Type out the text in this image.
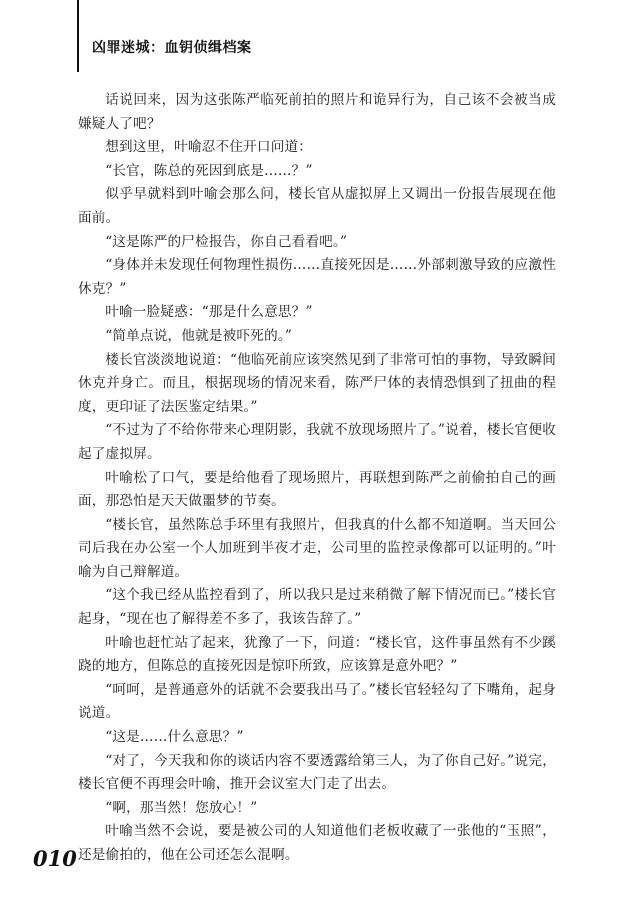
凶罪迷城：血钥侦缉档案

话说回来，因为这张陈严临死前拍的照片和诡异行为，自己该不会被当成嫌疑人了吧？

想到这里，叶喻忍不住开口问道：

“长官，陈总的死因到底是……？”

似乎早就料到叶喻会那么问，楼长官从虚拟屏上又调出一份报告展现在他面前。

“这是陈严的尸检报告，你自己看看吧。”

“身体并未发现任何物理性损伤……直接死因是……外部刺激导致的应激性休克？”

叶喻一脸疑惑：“那是什么意思？”

“简单点说，他就是被吓死的。”

楼长官淡淡地说道：“他临死前应该突然见到了非常可怕的事物，导致瞬间休克并身亡。而且，根据现场的情况来看，陈严尸体的表情恐惧到了扭曲的程度，更印证了法医鉴定结果。”

“不过为了不给你带来心理阴影，我就不放现场照片了。”说着，楼长官便收起了虚拟屏。

叶喻松了口气，要是给他看了现场照片，再联想到陈严之前偷拍自己的画面，那恐怕是天天做噩梦的节奏。

“楼长官，虽然陈总手环里有我照片，但我真的什么都不知道啊。当天回公司后我在办公室一个人加班到半夜才走，公司里的监控录像都可以证明的。”叶喻为自己辩解道。

“这个我已经从监控看到了，所以我只是过来稍微了解下情况而已。”楼长官起身，“现在也了解得差不多了，我该告辞了。”

叶喻也赶忙站了起来，犹豫了一下，问道：“楼长官，这件事虽然有不少蹊跷的地方，但陈总的直接死因是惊吓所致，应该算是意外吧？”

“呵呵，是普通意外的话就不会要我出马了。”楼长官轻轻勾了下嘴角，起身说道。

“这是……什么意思？”

“对了，今天我和你的谈话内容不要透露给第三人，为了你自己好。”说完，楼长官便不再理会叶喻，推开会议室大门走了出去。

“啊，那当然！您放心！”

叶喻当然不会说，要是被公司的人知道他们老板收藏了一张他的“玉照”，还是偷拍的，他在公司还怎么混啊。

010
